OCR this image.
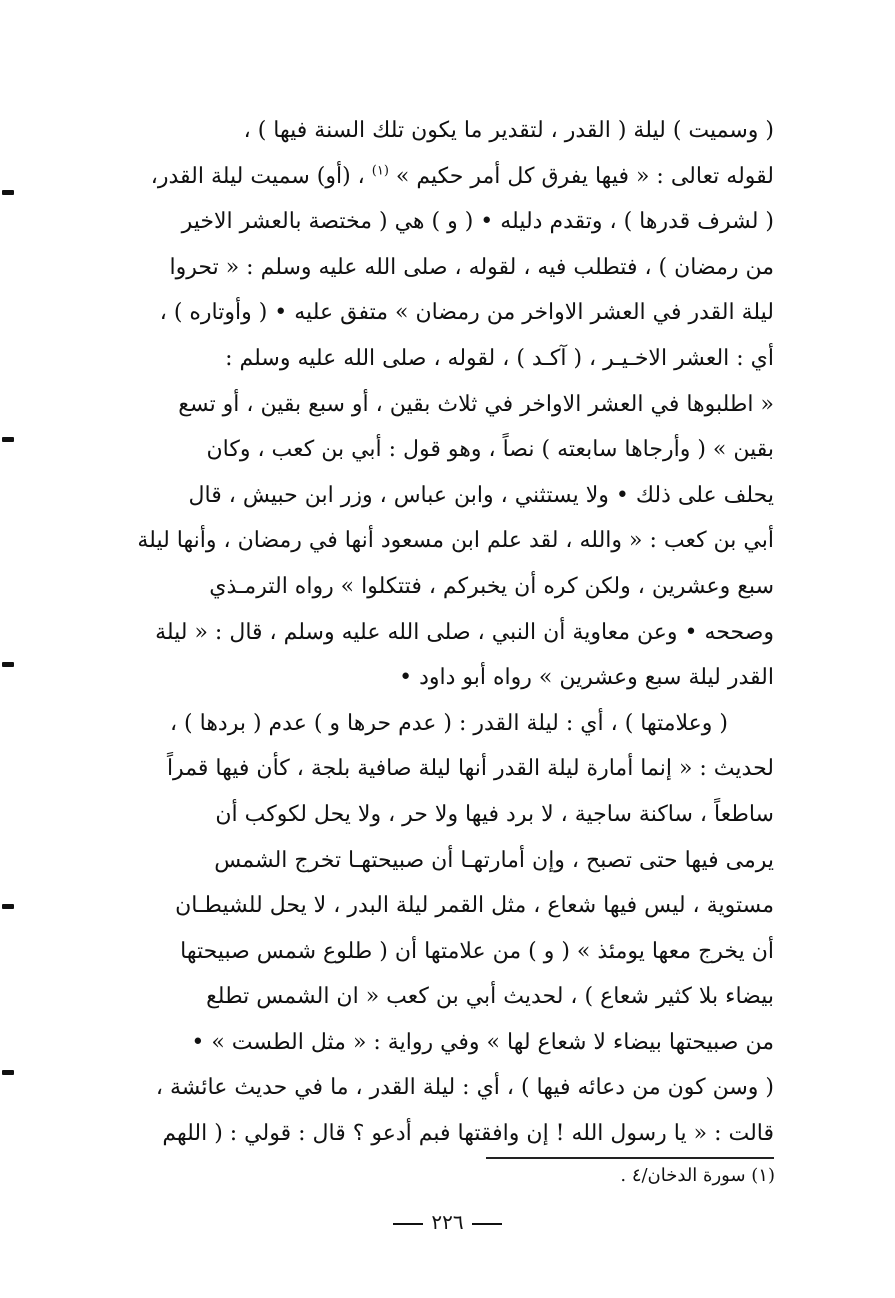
( وسميت ) ليلة ( القدر ، لتقدير ما يكون تلك السنة فيها ) ،
لقوله تعالى : « فيها يفرق كل أمر حكيم » $^{(١)}$ ، (أو) سميت ليلة القدر،
( لشرف قدرها ) ، وتقدم دليله • ( و ) هي ( مختصة بالعشر الاخير
من رمضان ) ، فتطلب فيه ، لقوله ، صلى الله عليه وسلم : « تحروا
ليلة القدر في العشر الاواخر من رمضان » متفق عليه • ( وأوتاره ) ،
أي : العشر الاخـيـر ، ( آكـد ) ، لقوله ، صلى الله عليه وسلم :
« اطلبوها في العشر الاواخر في ثلاث بقين ، أو سبع بقين ، أو تسع
بقين » ( وأرجاها سابعته ) نصاً ، وهو قول : أبي بن كعب ، وكان
يحلف على ذلك • ولا يستثني ، وابن عباس ، وزر ابن حبيش ، قال
أبي بن كعب : « والله ، لقد علم ابن مسعود أنها في رمضان ، وأنها ليلة
سبع وعشرين ، ولكن كره أن يخبركم ، فتتكلوا » رواه الترمـذي
وصححه • وعن معاوية أن النبي ، صلى الله عليه وسلم ، قال : « ليلة
القدر ليلة سبع وعشرين » رواه أبو داود •
( وعلامتها ) ، أي : ليلة القدر : ( عدم حرها و ) عدم ( بردها ) ،
لحديث : « إنما أمارة ليلة القدر أنها ليلة صافية بلجة ، كأن فيها قمراً
ساطعاً ، ساكنة ساجية ، لا برد فيها ولا حر ، ولا يحل لكوكب أن
يرمى فيها حتى تصبح ، وإن أمارتهـا أن صبيحتهـا تخرج الشمس
مستوية ، ليس فيها شعاع ، مثل القمر ليلة البدر ، لا يحل للشيطـان
أن يخرج معها يومئذ » ( و ) من علامتها أن ( طلوع شمس صبيحتها
بيضاء بلا كثير شعاع ) ، لحديث أبي بن كعب « ان الشمس تطلع
من صبيحتها بيضاء لا شعاع لها » وفي رواية : « مثل الطست » •
( وسن كون من دعائه فيها ) ، أي : ليلة القدر ، ما في حديث عائشة ،
قالت : « يا رسول الله ! إن وافقتها فبم أدعو ؟ قال : قولي : ( اللهم
(١) سورة الدخان/٤ .
٢٢٦
